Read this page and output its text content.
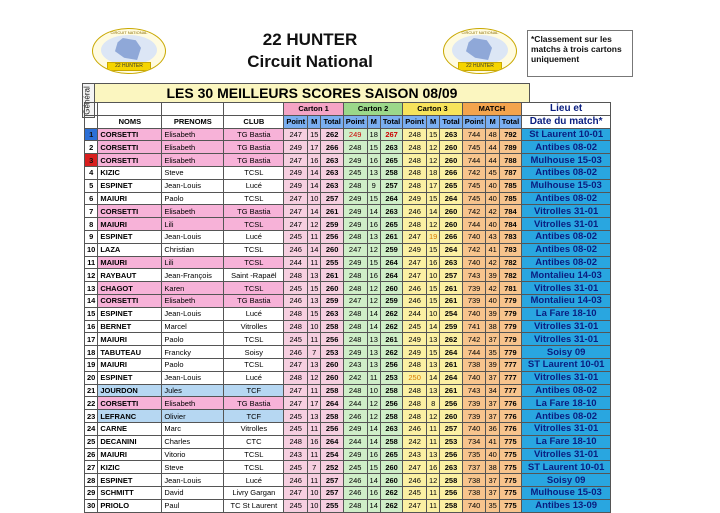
CIRCUIT NATIONAL
22 HUNTER
CIRCUIT NATIONAL
22 HUNTER
22 HUNTER
Circuit National
*Classement sur les matchs à trois cartons uniquement
Général	LES 30 MEILLEURS SCORES SAISON 08/09
				Carton 1			Carton 2			Carton 3			MATCH			Lieu et
	NOMS	PRENOMS	CLUB	Point	M	Total	Point	M	Total	Point	M	Total	Point	M	Total	Date du match*
1	CORSETTI	Elisabeth	TG Bastia	247	15	262	249	18	267	248	15	263	744	48	792	St Laurent 10-01
2	CORSETTI	Elisabeth	TG Bastia	249	17	266	248	15	263	248	12	260	745	44	789	Antibes 08-02
3	CORSETTI	Elisabeth	TG Bastia	247	16	263	249	16	265	248	12	260	744	44	788	Mulhouse 15-03
4	KIZIC	Steve	TCSL	249	14	263	245	13	258	248	18	266	742	45	787	Antibes 08-02
5	ESPINET	Jean-Louis	Lucé	249	14	263	248	9	257	248	17	265	745	40	785	Mulhouse 15-03
6	MAIURI	Paolo	TCSL	247	10	257	249	15	264	249	15	264	745	40	785	Antibes 08-02
7	CORSETTI	Elisabeth	TG Bastia	247	14	261	249	14	263	246	14	260	742	42	784	Vitrolles 31-01
8	MAIURI	Lili	TCSL	247	12	259	249	16	265	248	12	260	744	40	784	Vitrolles 31-01
9	ESPINET	Jean-Louis	Lucé	245	11	256	248	13	261	247	19	266	740	43	783	Antibes 08-02
10	LAZA	Christian	TCSL	246	14	260	247	12	259	249	15	264	742	41	783	Antibes 08-02
11	MAIURI	Lili	TCSL	244	11	255	249	15	264	247	16	263	740	42	782	Antibes 08-02
12	RAYBAUT	Jean-François	Saint -Rapaël	248	13	261	248	16	264	247	10	257	743	39	782	Montalieu 14-03
13	CHAGOT	Karen	TCSL	245	15	260	248	12	260	246	15	261	739	42	781	Vitrolles 31-01
14	CORSETTI	Elisabeth	TG Bastia	246	13	259	247	12	259	246	15	261	739	40	779	Montalieu 14-03
15	ESPINET	Jean-Louis	Lucé	248	15	263	248	14	262	244	10	254	740	39	779	La Fare 18-10
16	BERNET	Marcel	Vitrolles	248	10	258	248	14	262	245	14	259	741	38	779	Vitrolles 31-01
17	MAIURI	Paolo	TCSL	245	11	256	248	13	261	249	13	262	742	37	779	Vitrolles 31-01
18	TABUTEAU	Francky	Soisy	246	7	253	249	13	262	249	15	264	744	35	779	Soisy 09
19	MAIURI	Paolo	TCSL	247	13	260	243	13	256	248	13	261	738	39	777	ST Laurent 10-01
20	ESPINET	Jean-Louis	Lucé	248	12	260	242	11	253	250	14	264	740	37	777	Vitrolles 31-01
21	JOURDON	Jules	TCF	247	11	258	248	10	258	248	13	261	743	34	777	Antibes 08-02
22	CORSETTI	Elisabeth	TG Bastia	247	17	264	244	12	256	248	8	256	739	37	776	La Fare 18-10
23	LEFRANC	Olivier	TCF	245	13	258	246	12	258	248	12	260	739	37	776	Antibes 08-02
24	CARNE	Marc	Vitrolles	245	11	256	249	14	263	246	11	257	740	36	776	Vitrolles 31-01
25	DECANINI	Charles	CTC	248	16	264	244	14	258	242	11	253	734	41	775	La Fare 18-10
26	MAIURI	Vitorio	TCSL	243	11	254	249	16	265	243	13	256	735	40	775	Vitrolles 31-01
27	KIZIC	Steve	TCSL	245	7	252	245	15	260	247	16	263	737	38	775	ST Laurent 10-01
28	ESPINET	Jean-Louis	Lucé	246	11	257	246	14	260	246	12	258	738	37	775	Soisy 09
29	SCHMITT	David	Livry Gargan	247	10	257	246	16	262	245	11	256	738	37	775	Mulhouse 15-03
30	PRIOLO	Paul	TC St Laurent	245	10	255	248	14	262	247	11	258	740	35	775	Antibes 13-09
